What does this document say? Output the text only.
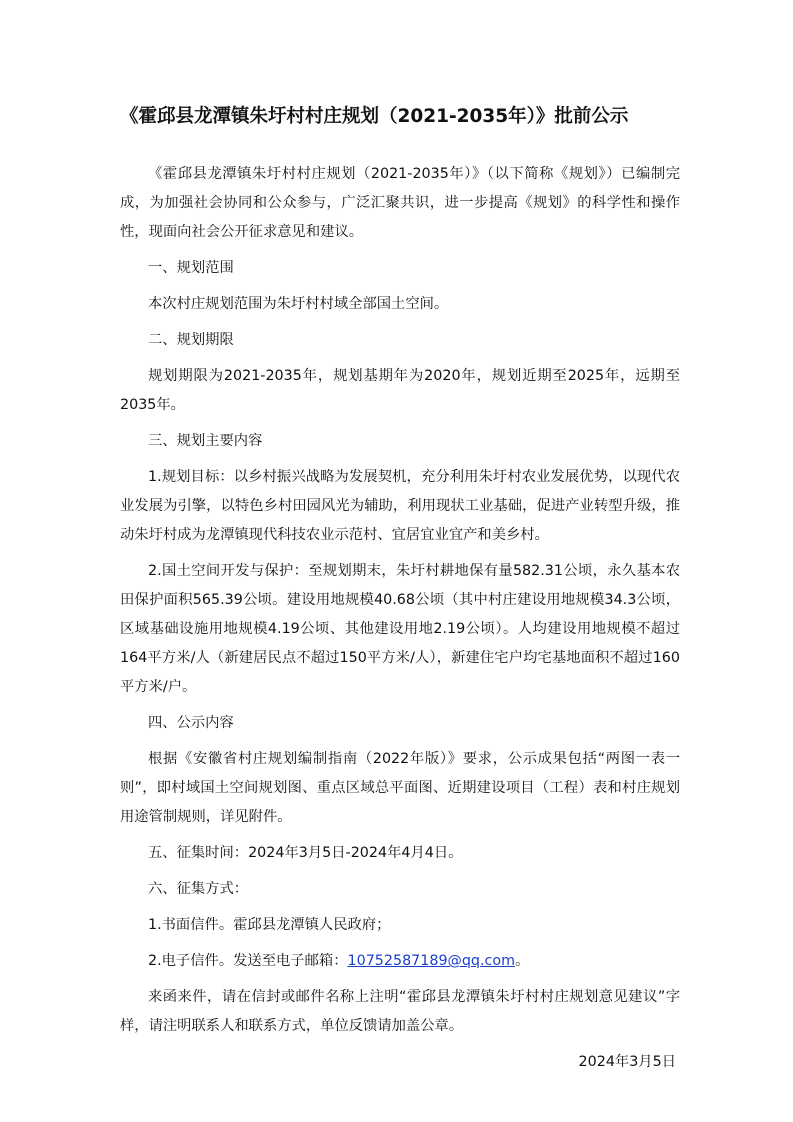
《霍邱县龙潭镇朱圩村村庄规划（2021-2035年）》批前公示

《霍邱县龙潭镇朱圩村村庄规划（2021-2035年）》（以下简称《规划》）已编制完成，为加强社会协同和公众参与，广泛汇聚共识，进一步提高《规划》的科学性和操作性，现面向社会公开征求意见和建议。

一、规划范围

本次村庄规划范围为朱圩村村域全部国土空间。

二、规划期限

规划期限为2021-2035年，规划基期年为2020年，规划近期至2025年，远期至2035年。

三、规划主要内容

1.规划目标：以乡村振兴战略为发展契机，充分利用朱圩村农业发展优势，以现代农业发展为引擎，以特色乡村田园风光为辅助，利用现状工业基础，促进产业转型升级，推动朱圩村成为龙潭镇现代科技农业示范村、宜居宜业宜产和美乡村。

2.国土空间开发与保护：至规划期末，朱圩村耕地保有量582.31公顷，永久基本农田保护面积565.39公顷。建设用地规模40.68公顷（其中村庄建设用地规模34.3公顷，区域基础设施用地规模4.19公顷、其他建设用地2.19公顷）。人均建设用地规模不超过164平方米/人（新建居民点不超过150平方米/人），新建住宅户均宅基地面积不超过160平方米/户。

四、公示内容

根据《安徽省村庄规划编制指南（2022年版）》要求，公示成果包括“两图一表一则”，即村域国土空间规划图、重点区域总平面图、近期建设项目（工程）表和村庄规划用途管制规则，详见附件。

五、征集时间：2024年3月5日-2024年4月4日。

六、征集方式：

1.书面信件。霍邱县龙潭镇人民政府；

2.电子信件。发送至电子邮箱：10752587189@qq.com。

来函来件，请在信封或邮件名称上注明“霍邱县龙潭镇朱圩村村庄规划意见建议”字样，请注明联系人和联系方式，单位反馈请加盖公章。

2024年3月5日
